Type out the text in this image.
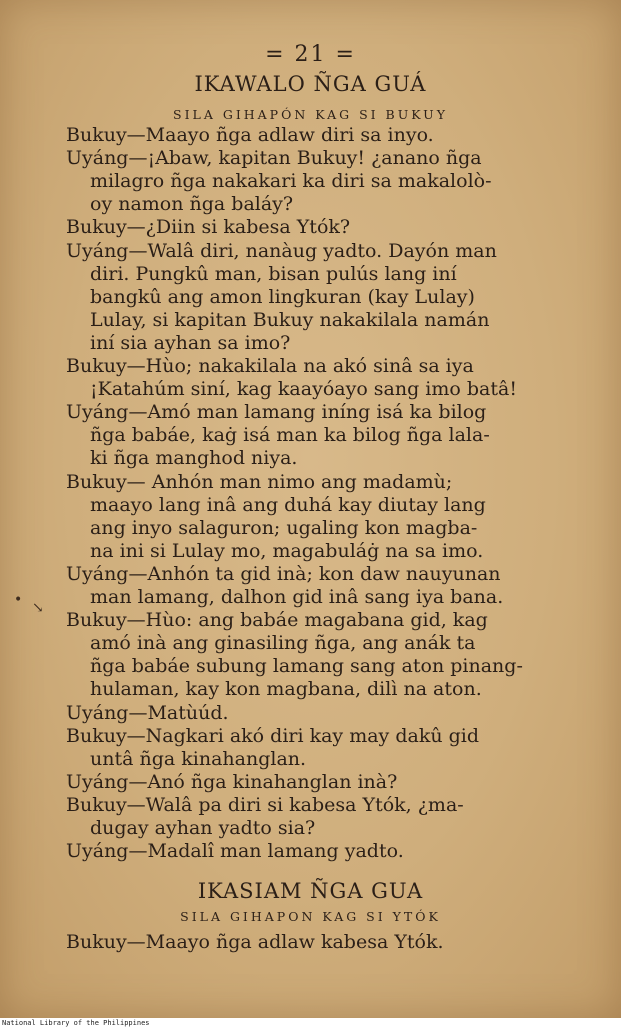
= 21 =
IKAWALO ÑGA GUÁ
SILA GIHAPÓN KAG SI BUKUY
Bukuy—Maayo ñga adlaw diri sa inyo.
Uyáng—¡Abaw, kapitan Bukuy! ¿anano ñga
milagro ñga nakakari ka diri sa makalolò-
oy namon ñga baláy?
Bukuy—¿Diin si kabesa Ytók?
Uyáng—Walâ diri, nanàug yadto. Dayón man
diri. Pungkû man, bisan pulús lang iní
bangkû ang amon lingkuran (kay Lulay)
Lulay, si kapitan Bukuy nakakilala namán
iní sia ayhan sa imo?
Bukuy—Hùo; nakakilala na akó sinâ sa iya
¡Katahúm siní, kag kaayóayo sang imo batâ!
Uyáng—Amó man lamang iníng isá ka bilog
ñga babáe, kaġ isá man ka bilog ñga lala-
ki ñga manghod niya.
Bukuy— Anhón man nimo ang madamù;
maayo lang inâ ang duhá kay diutay lang
ang inyo salaguron; ugaling kon magba-
na ini si Lulay mo, magabuláġ na sa imo.
Uyáng—Anhón ta gid inà; kon daw nauyunan
man lamang, dalhon gid inâ sang iya bana.
Bukuy—Hùo: ang babáe magabana gid, kag
amó inà ang ginasiling ñga, ang anák ta
ñga babáe subung lamang sang aton pinang-
hulaman, kay kon magbana, dilì na aton.
Uyáng—Matùúd.
Bukuy—Nagkari akó diri kay may dakû gid
untâ ñga kinahanglan.
Uyáng—Anó ñga kinahanglan inà?
Bukuy—Walâ pa diri si kabesa Ytók, ¿ma-
dugay ayhan yadto sia?
Uyáng—Madalî man lamang yadto.
IKASIAM ÑGA GUA
SILA GIHAPON KAG SI YTÓK
Bukuy—Maayo ñga adlaw kabesa Ytók.
• ↘
National Library of the Philippines
